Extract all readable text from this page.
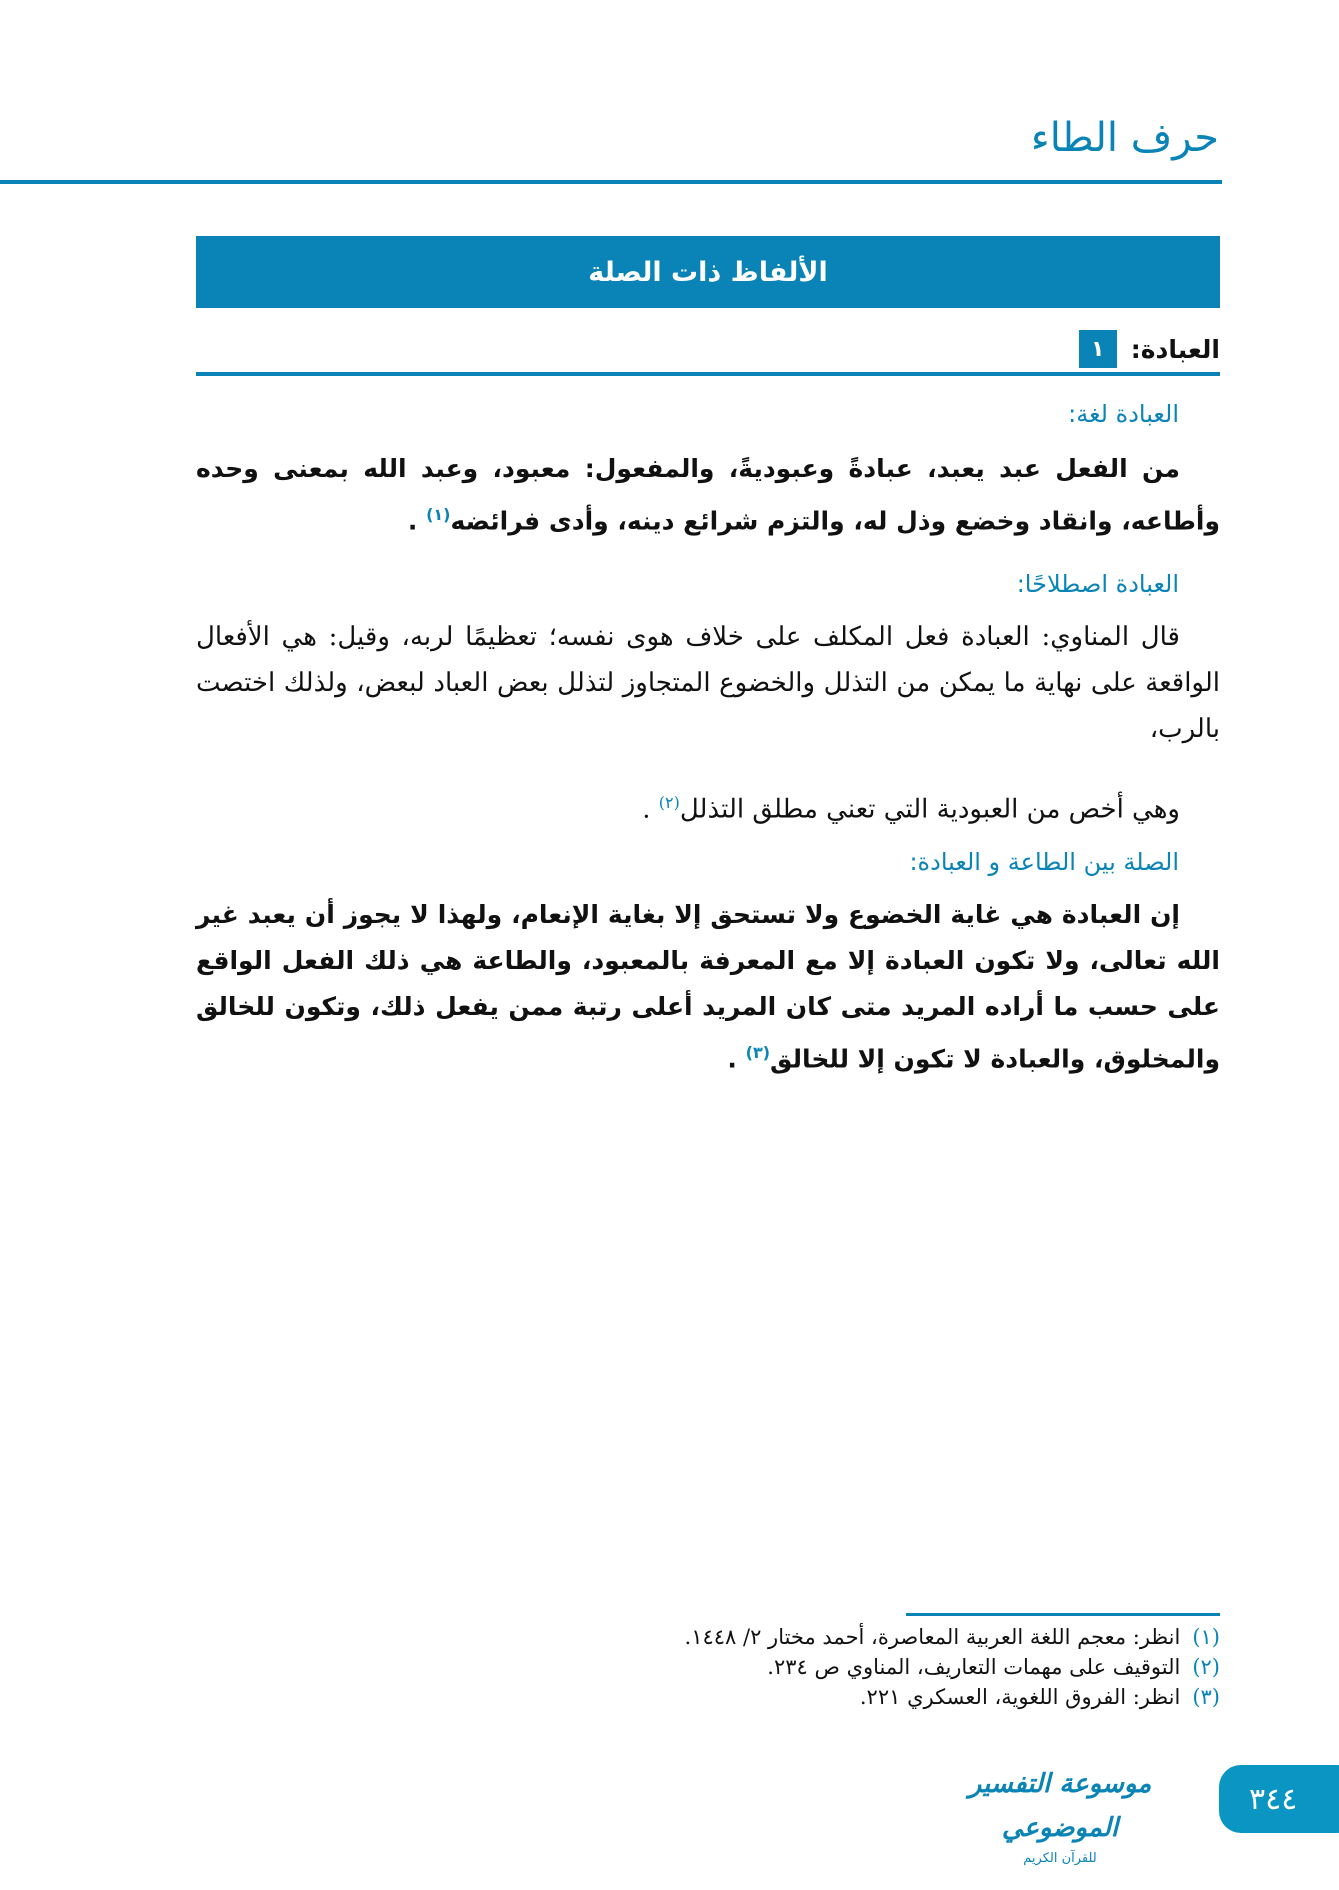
حرف الطاء
الألفاظ ذات الصلة
١	العبادة:
العبادة لغة:
من الفعل عبد يعبد، عبادةً وعبوديةً، والمفعول: معبود، وعبد الله بمعنى وحده وأطاعه، وانقاد وخضع وذل له، والتزم شرائع دينه، وأدى فرائضه$^{(١)}$ .
العبادة اصطلاحًا:
قال المناوي: العبادة فعل المكلف على خلاف هوى نفسه؛ تعظيمًا لربه، وقيل: هي الأفعال الواقعة على نهاية ما يمكن من التذلل والخضوع المتجاوز لتذلل بعض العباد لبعض، ولذلك اختصت بالرب،
وهي أخص من العبودية التي تعني مطلق التذلل$^{(٢)}$ .
الصلة بين الطاعة و العبادة:
إن العبادة هي غاية الخضوع ولا تستحق إلا بغاية الإنعام، ولهذا لا يجوز أن يعبد غير الله تعالى، ولا تكون العبادة إلا مع المعرفة بالمعبود، والطاعة هي ذلك الفعل الواقع على حسب ما أراده المريد متى كان المريد أعلى رتبة ممن يفعل ذلك، وتكون للخالق والمخلوق، والعبادة لا تكون إلا للخالق$^{(٣)}$ .
(١)
انظر: معجم اللغة العربية المعاصرة، أحمد مختار ٢/ ١٤٤٨.
(٢)
التوقيف على مهمات التعاريف، المناوي ص ٢٣٤.
(٣)
انظر: الفروق اللغوية، العسكري ٢٢١.
موسوعة التفسير الموضوعي
للقرآن الكريم
٣٤٤
